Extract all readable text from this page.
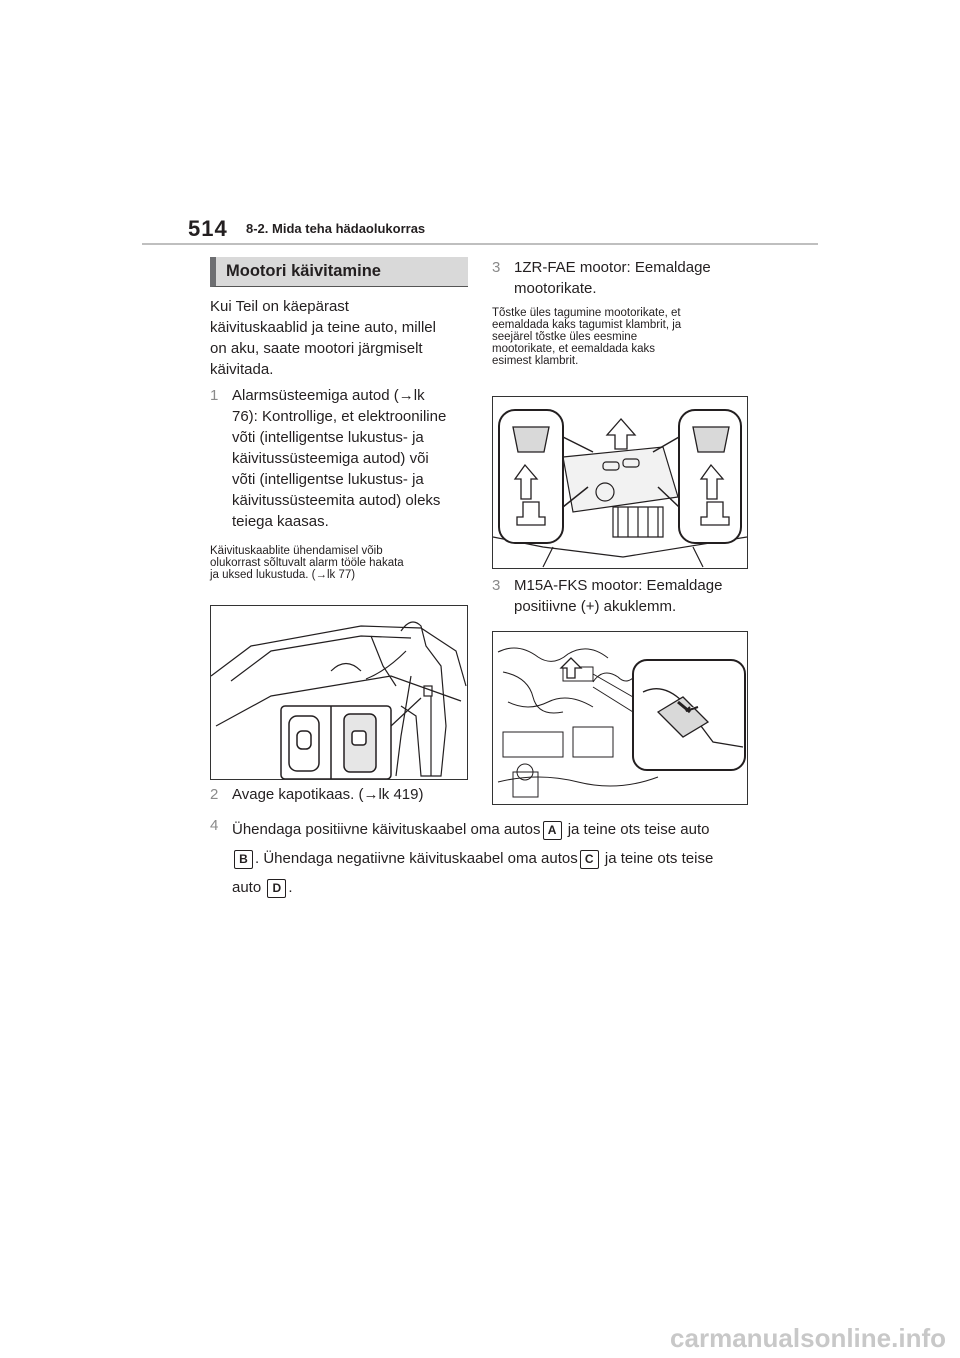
514 8-2. Mida teha hädaolukorras
Mootori käivitamine
Kui Teil on käepärast
käivituskaablid ja teine auto, millel
on aku, saate mootori järgmiselt
käivitada.
1 Alarmsüsteemiga autod (→lk
76): Kontrollige, et elektrooniline
võti (intelligentse lukustus- ja
käivitussüsteemiga autod) või
võti (intelligentse lukustus- ja
käivitussüsteemita autod) oleks
teiega kaasas.
Käivituskaablite ühendamisel võib
olukorrast sõltuvalt alarm tööle hakata
ja uksed lukustuda. (→lk 77)
2 Avage kapotikaas. (→lk 419)
3 1ZR-FAE mootor: Eemaldage
mootorikate.
Tõstke üles tagumine mootorikate, et
eemaldada kaks tagumist klambrit, ja
seejärel tõstke üles eesmine
mootorikate, et eemaldada kaks
esimest klambrit.
3 M15A-FKS mootor: Eemaldage
positiivne (+) akuklemm.
4 Ühendaga positiivne käivituskaabel oma autos A ja teine ots teise auto
B . Ühendaga negatiivne käivituskaabel oma autos C ja teine ots teise
auto D .
carmanualsonline.info
